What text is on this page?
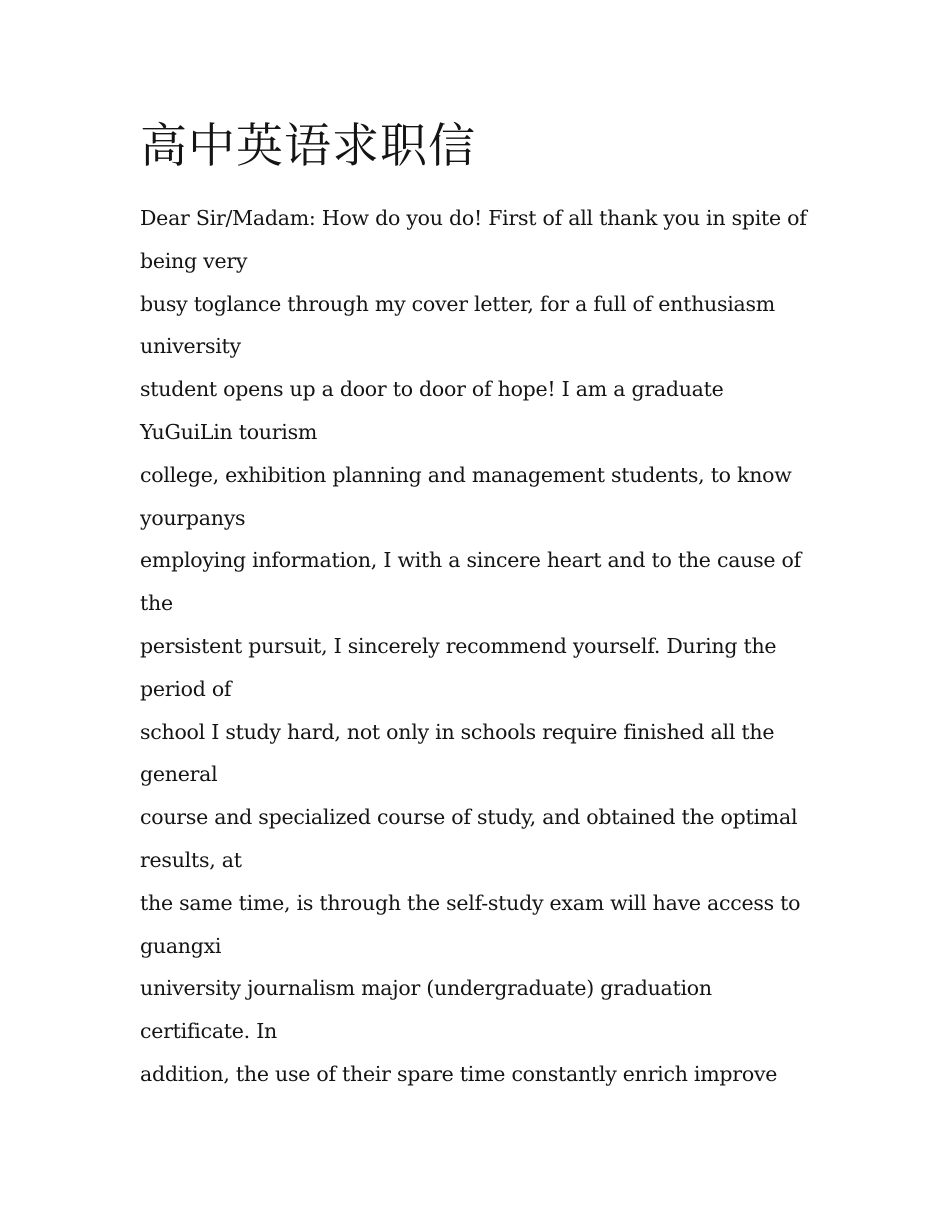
高中英语求职信
Dear Sir/Madam: How do you do! First of all thank you in spite of
being very
busy toglance through my cover letter, for a full of enthusiasm
university
student opens up a door to door of hope! I am a graduate
YuGuiLin tourism
college, exhibition planning and management students, to know
yourpanys
employing information, I with a sincere heart and to the cause of
the
persistent pursuit, I sincerely recommend yourself. During the
period of
school I study hard, not only in schools require finished all the
general
course and specialized course of study, and obtained the optimal
results, at
the same time, is through the self-study exam will have access to
guangxi
university journalism major (undergraduate) graduation
certificate. In
addition, the use of their spare time constantly enrich improve
